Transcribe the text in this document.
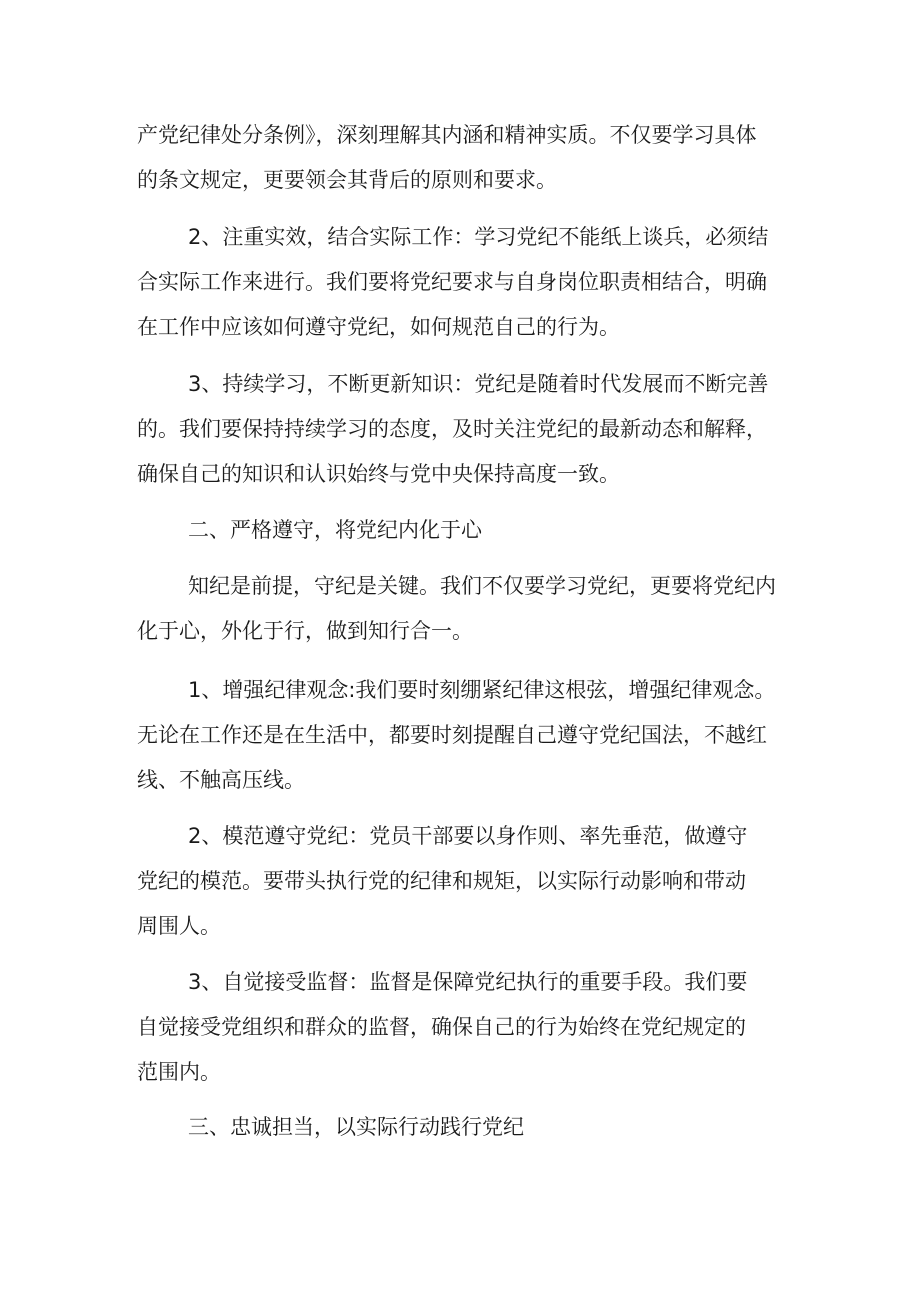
产党纪律处分条例》，深刻理解其内涵和精神实质。不仅要学习具体
的条文规定，更要领会其背后的原则和要求。

2、注重实效，结合实际工作：学习党纪不能纸上谈兵，必须结
合实际工作来进行。我们要将党纪要求与自身岗位职责相结合，明确
在工作中应该如何遵守党纪，如何规范自己的行为。

3、持续学习，不断更新知识：党纪是随着时代发展而不断完善
的。我们要保持持续学习的态度，及时关注党纪的最新动态和解释，
确保自己的知识和认识始终与党中央保持高度一致。

二、严格遵守，将党纪内化于心

知纪是前提，守纪是关键。我们不仅要学习党纪，更要将党纪内
化于心，外化于行，做到知行合一。

1、增强纪律观念:我们要时刻绷紧纪律这根弦，增强纪律观念。
无论在工作还是在生活中，都要时刻提醒自己遵守党纪国法，不越红
线、不触高压线。

2、模范遵守党纪：党员干部要以身作则、率先垂范，做遵守
党纪的模范。要带头执行党的纪律和规矩，以实际行动影响和带动
周围人。

3、自觉接受监督：监督是保障党纪执行的重要手段。我们要
自觉接受党组织和群众的监督，确保自己的行为始终在党纪规定的
范围内。

三、忠诚担当，以实际行动践行党纪
